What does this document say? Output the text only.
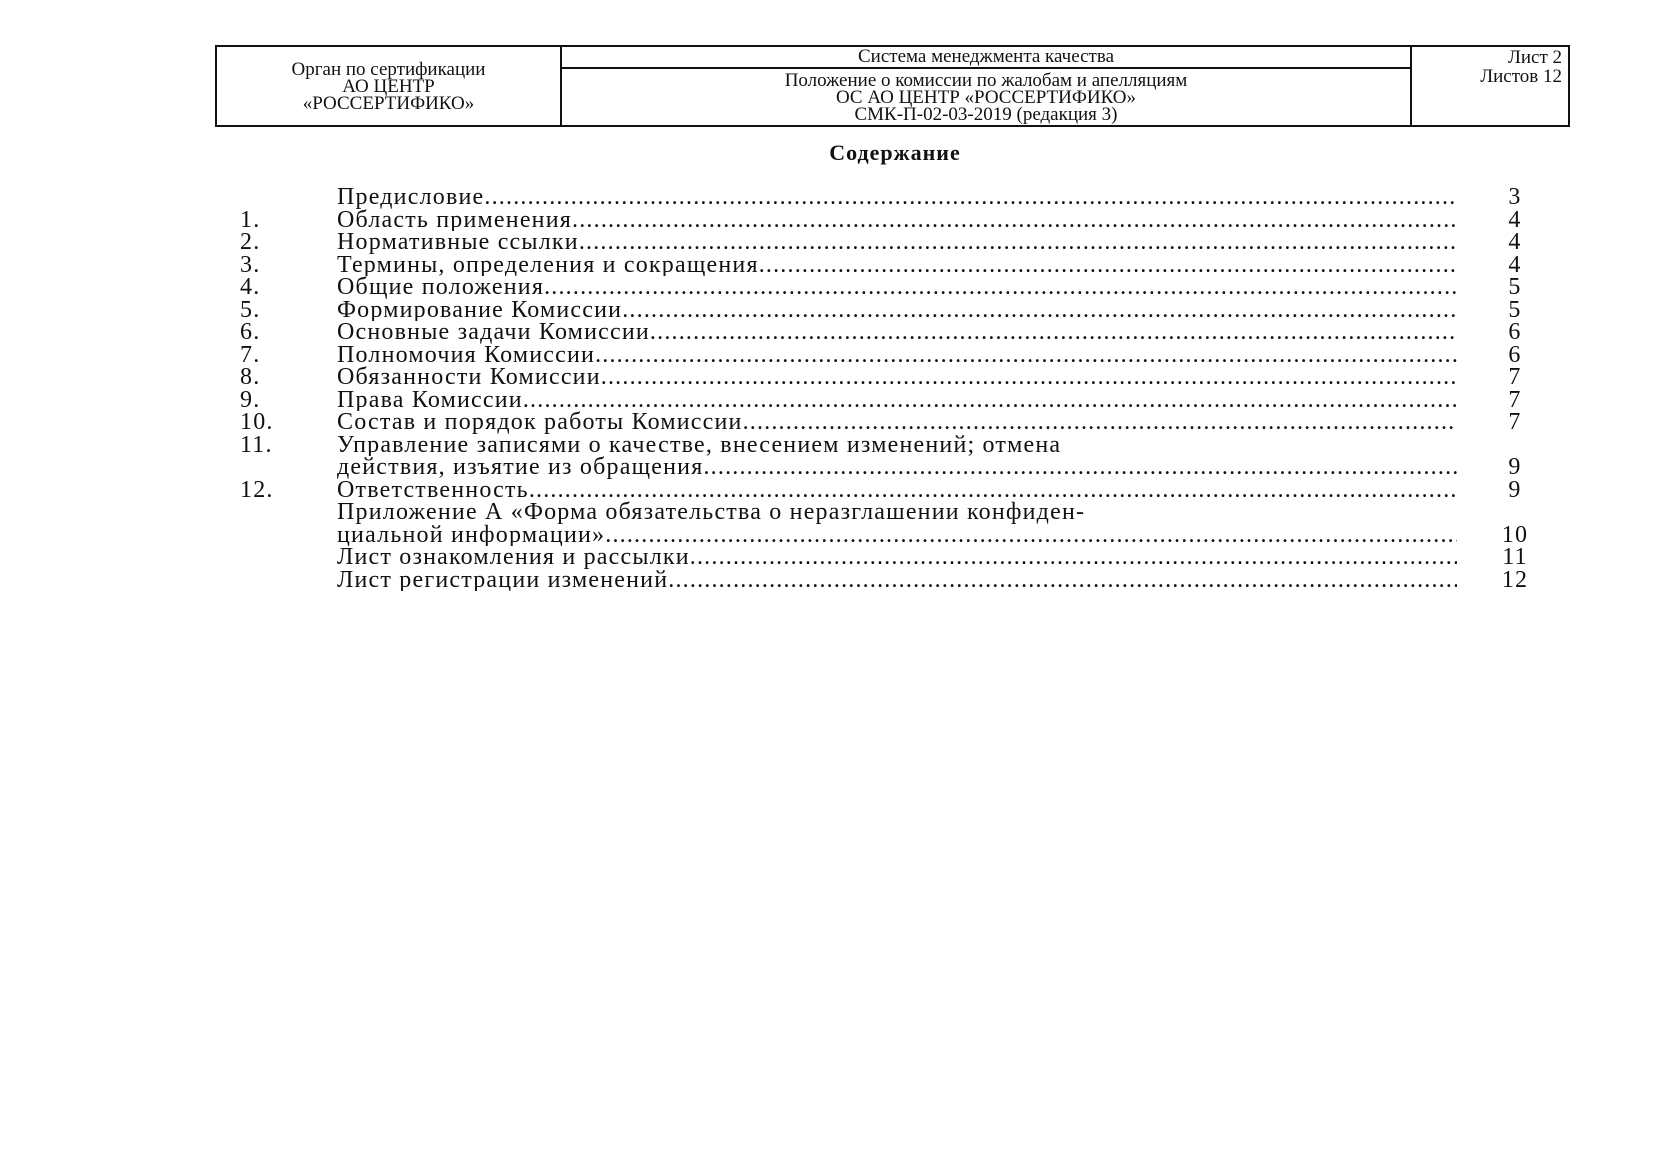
Орган по сертификации
АО ЦЕНТР
«РОССЕРТИФИКО»
Система менеджмента качества
Положение о комиссии по жалобам и апелляциям
ОС АО ЦЕНТР «РОССЕРТИФИКО»
СМК-П-02-03-2019 (редакция 3)
Лист 2
Листов 12
Содержание
Предисловие .....	3
1.	Область применения .....	4
2.	Нормативные ссылки .....	4
3.	Термины, определения и сокращения .....	4
4.	Общие положения .....	5
5.	Формирование Комиссии .....	5
6.	Основные задачи Комиссии .....	6
7.	Полномочия Комиссии .....	6
8.	Обязанности Комиссии .....	7
9.	Права Комиссии .....	7
10.	Состав и порядок работы Комиссии .....	7
11.	Управление записями о качестве, внесением изменений; отмена
действия, изъятие из обращения .....	9
12.	Ответственность .....	9
Приложение А «Форма обязательства о неразглашении конфиден-
циальной информации» .....	10
Лист ознакомления и рассылки .....	11
Лист регистрации изменений .....	12
